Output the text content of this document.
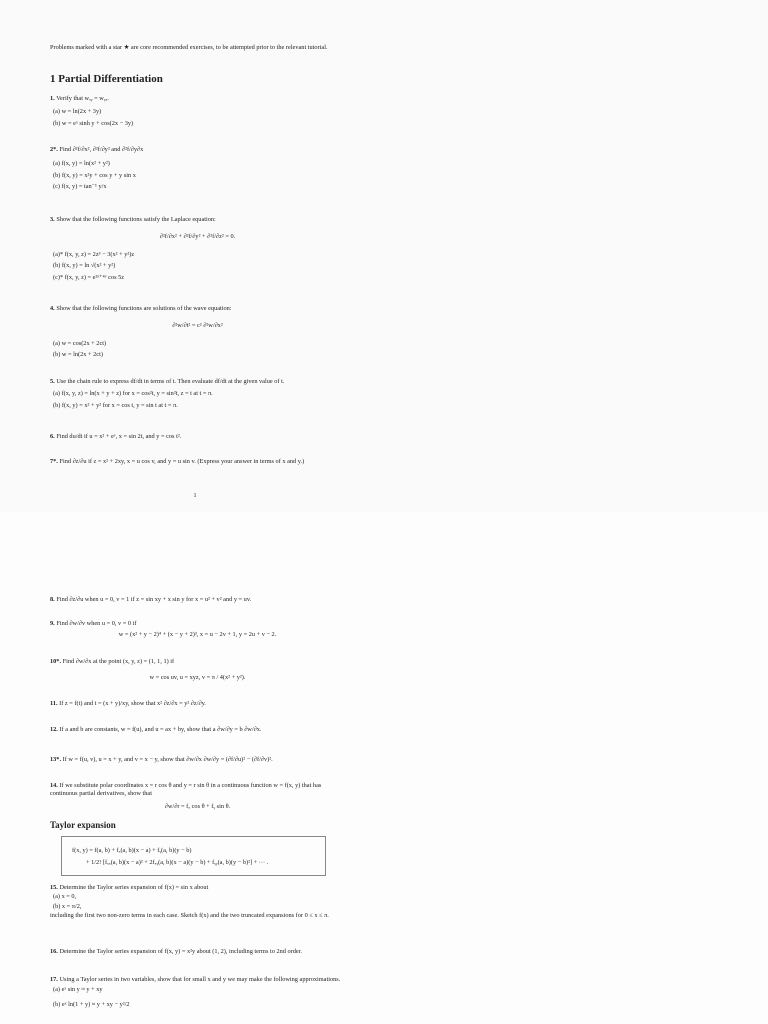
Problems marked with a star ★ are core recommended exercises, to be attempted prior to the relevant tutorial.
1 Partial Differentiation
1. Verify that wₓᵧ = wᵧₓ.
(a) w = ln(2x + 3y)
(b) w = eˣ sinh y + cos(2x − 3y)
2*. Find ∂²f/∂x², ∂²f/∂y² and ∂²f/∂y∂x
(a) f(x, y) = ln(x² + y²)
(b) f(x, y) = x²y + cos y + y sin x
(c) f(x, y) = tan⁻¹ y/x
3. Show that the following functions satisfy the Laplace equation:
∂²f/∂x² + ∂²f/∂y² + ∂²f/∂z² = 0.
(a)* f(x, y, z) = 2z³ − 3(x² + y²)z
(b) f(x, y) = ln √(x² + y²)
(c)* f(x, y, z) = e³ˣ⁺⁴ʸ cos 5z
4. Show that the following functions are solutions of the wave equation:
∂²w/∂t² = c² ∂²w/∂x²
(a) w = cos(2x + 2ct)
(b) w = ln(2x + 2ct)
5. Use the chain rule to express df/dt in terms of t. Then evaluate df/dt at the given value of t.
(a) f(x, y, z) = ln(x + y + z) for x = cos²t, y = sin²t, z = t at t = π.
(b) f(x, y) = x² + y² for x = cos t, y = sin t at t = π.
6. Find du/dt if u = x² + eʸ, x = sin 2t, and y = cos t².
7*. Find ∂z/∂u if z = x² + 2xy, x = u cos v, and y = u sin v. (Express your answer in terms of x and y.)
1
8. Find ∂z/∂u when u = 0, v = 1 if z = sin xy + x sin y for x = u² + v² and y = uv.
9. Find ∂w/∂v when u = 0, v = 0 if
w = (x² + y − 2)⁴ + (x − y + 2)³, x = u − 2v + 1, y = 2u + v − 2.
10*. Find ∂w/∂x at the point (x, y, z) = (1, 1, 1) if
w = cos uv, u = xyz, v = π / 4(x² + y²).
11. If z = f(t) and t = (x + y)/xy, show that x² ∂z/∂x = y² ∂z/∂y.
12. If a and b are constants, w = f(u), and u = ax + by, show that a ∂w/∂y = b ∂w/∂x.
13*. If w = f(u, v), u = x + y, and v = x − y, show that ∂w/∂x ∂w/∂y = (∂f/∂u)² − (∂f/∂v)².
14. If we substitute polar coordinates x = r cos θ and y = r sin θ in a continuous function w = f(x, y) that has continuous partial derivatives, show that
∂w/∂r = fₓ cos θ + fᵧ sin θ.
Taylor expansion
f(x, y) = f(a, b) + fₓ(a, b)(x − a) + fᵧ(a, b)(y − b)
+ 1/2! [fₓₓ(a, b)(x − a)² + 2fₓᵧ(a, b)(x − a)(y − b) + fᵧᵧ(a, b)(y − b)²] + ··· .
15. Determine the Taylor series expansion of f(x) = sin x about
(a) x = 0,
(b) x = π/2,
including the first two non-zero terms in each case. Sketch f(x) and the two truncated expansions for 0 ≤ x ≤ π.
16. Determine the Taylor series expansion of f(x, y) = x²y about (1, 2), including terms to 2nd order.
17. Using a Taylor series in two variables, show that for small x and y we may make the following approximations.
(a) eˣ sin y ≈ y + xy
(b) eˣ ln(1 + y) ≈ y + xy − y²/2
